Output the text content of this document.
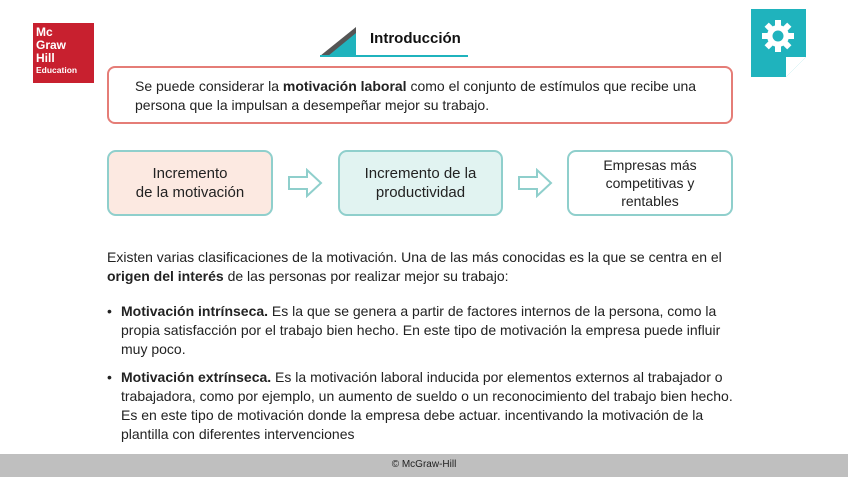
Mc
Graw
Hill
Education
Introducción
Se puede considerar la motivación laboral como el conjunto de estímulos que recibe una persona que la impulsan a desempeñar mejor su trabajo.
Incremento
de la motivación
Incremento de la
productividad
Empresas más
competitivas y
rentables
Existen varias clasificaciones de la motivación. Una de las más conocidas es la que se centra en el origen del interés de las personas por realizar mejor su trabajo:
• Motivación intrínseca. Es la que se genera a partir de factores internos de la persona, como la propia satisfacción por el trabajo bien hecho. En este tipo de motivación la empresa puede influir muy poco.
• Motivación extrínseca. Es la motivación laboral inducida por elementos externos al trabajador o trabajadora, como por ejemplo, un aumento de sueldo o un reconocimiento del trabajo bien hecho. Es en este tipo de motivación donde la empresa debe actuar. incentivando la motivación de la plantilla con diferentes intervenciones
© McGraw-Hill
